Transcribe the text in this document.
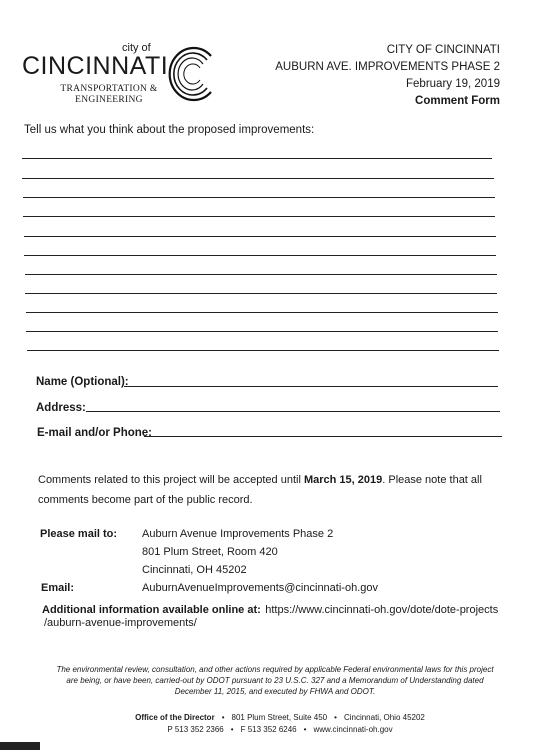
city of
CINCINNATI
TRANSPORTATION &
ENGINEERING
CITY OF CINCINNATI
AUBURN AVE. IMPROVEMENTS PHASE 2
February 19, 2019
Comment Form
Tell us what you think about the proposed improvements:
Name (Optional):
Address:
E-mail and/or Phone:
Comments related to this project will be accepted until March 15, 2019. Please note that all comments become part of the public record.
Please mail to: Auburn Avenue Improvements Phase 2
801 Plum Street, Room 420
Cincinnati, OH 45202
Email:	AuburnAvenueImprovements@cincinnati-oh.gov
Additional information available online at: https://www.cincinnati-oh.gov/dote/dote-projects
/auburn-avenue-improvements/
The environmental review, consultation, and other actions required by applicable Federal environmental laws for this project are being, or have been, carried-out by ODOT pursuant to 23 U.S.C. 327 and a Memorandum of Understanding dated December 11, 2015, and executed by FHWA and ODOT.
Office of the Director • 801 Plum Street, Suite 450 • Cincinnati, Ohio 45202
P 513 352 2366 • F 513 352 6246 • www.cincinnati-oh.gov
